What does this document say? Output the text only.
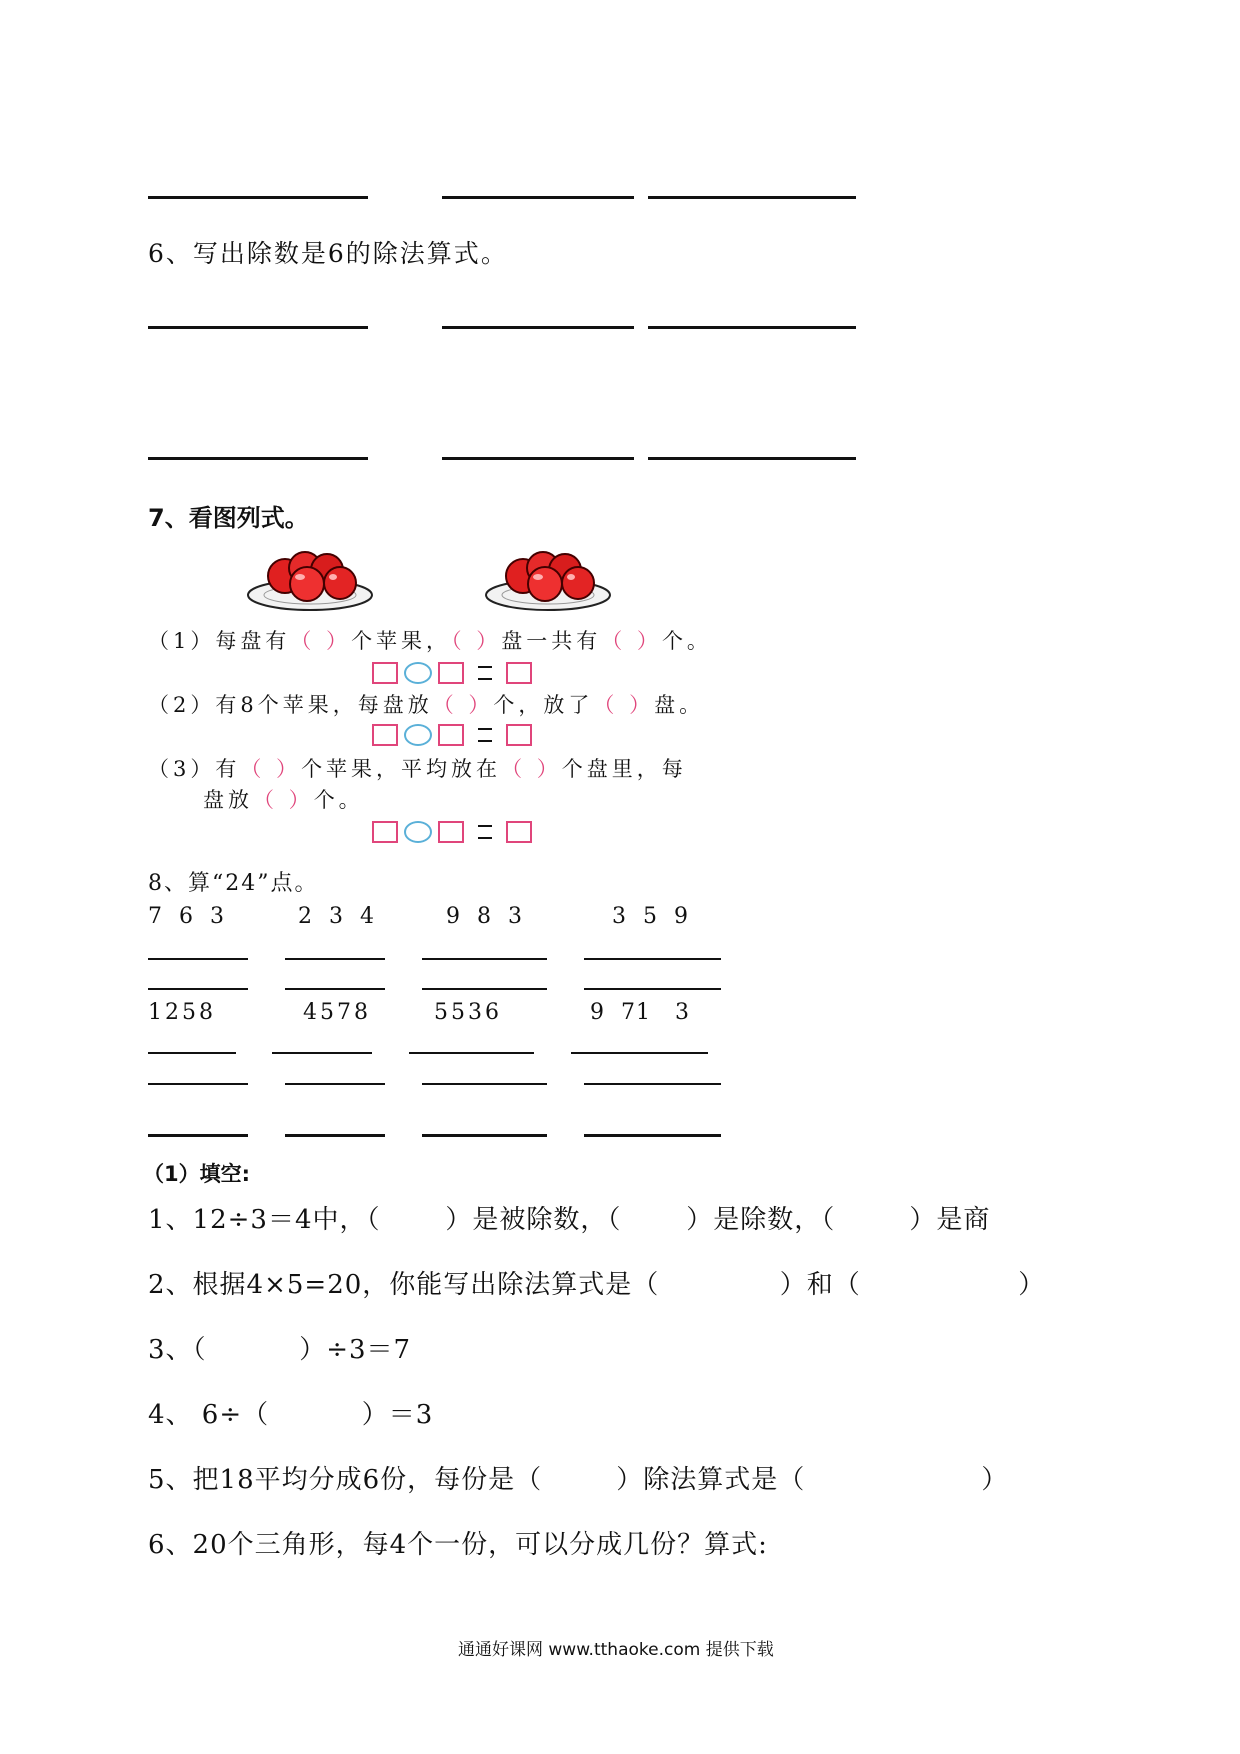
6、写出除数是6的除法算式。
7、看图列式。
（1）每盘有（ ）个苹果，（ ）盘一共有（ ）个。
（2）有8个苹果，每盘放（ ）个，放了（ ）盘。
（3）有（ ）个苹果，平均放在（ ）个盘里，每
盘放（ ）个。
8、算“24”点。
7  6  3	2  3  4	9  8  3	3  5  9
1258	4578	5536	9  71   3
（1）填空:
1、12÷3＝4中，（       ）是被除数，（       ）是除数，（        ）是商
2、根据4×5=20，你能写出除法算式是（             ）和（                 ）
3、（          ）÷3＝7
4、 6÷（          ）＝3
5、把18平均分成6份，每份是（        ）除法算式是（                   ）
6、20个三角形，每4个一份，可以分成几份？算式:
通通好课网 www.tthaoke.com 提供下载
